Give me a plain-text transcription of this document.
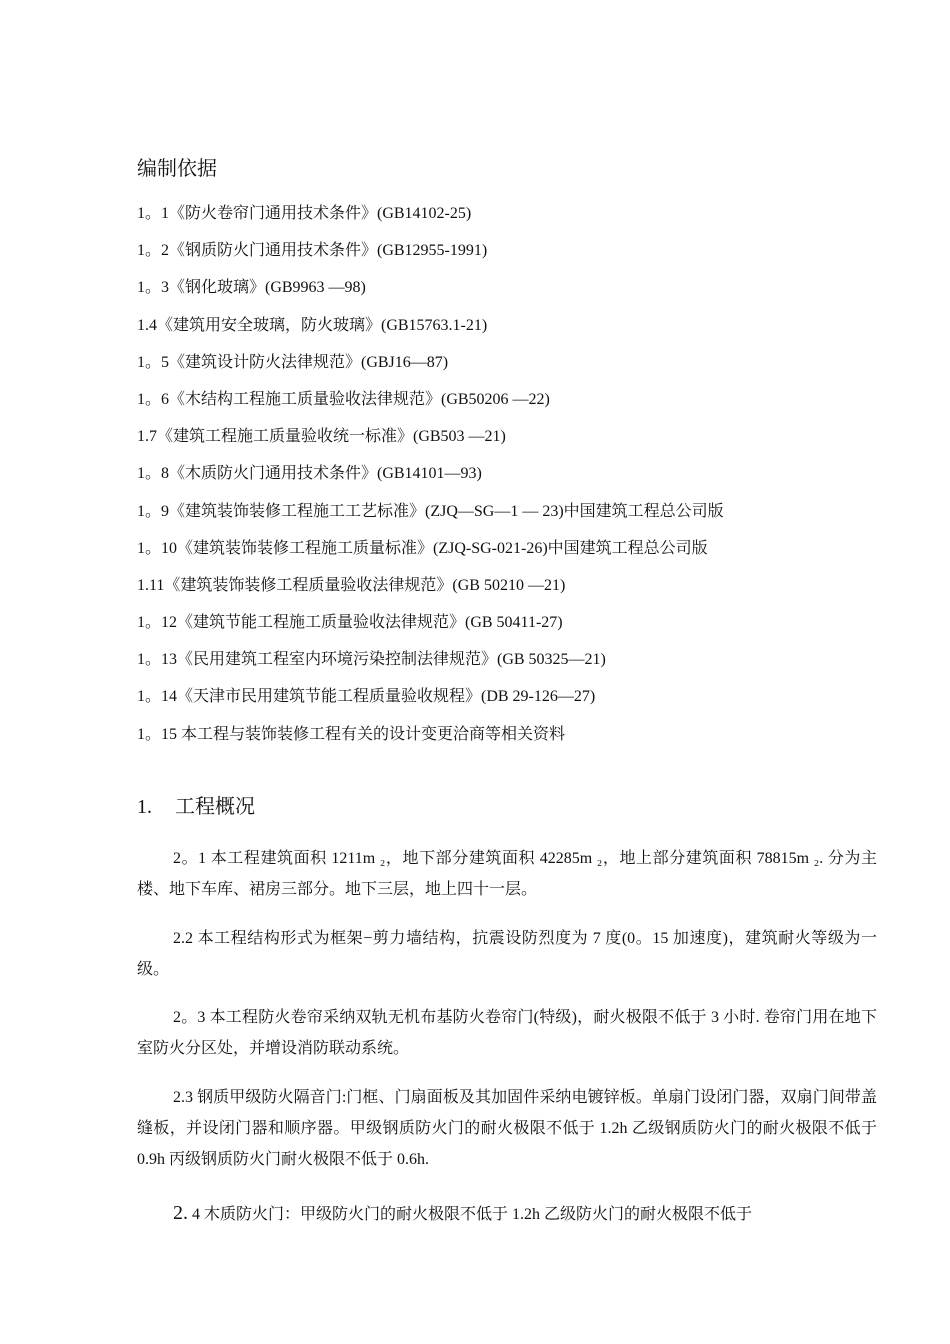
编制依据
1。1《防火卷帘门通用技术条件》(GB14102-25)
1。2《钢质防火门通用技术条件》(GB12955-1991)
1。3《钢化玻璃》(GB9963 —98)
1.4《建筑用安全玻璃，防火玻璃》(GB15763.1-21)
1。5《建筑设计防火法律规范》(GBJ16—87)
1。6《木结构工程施工质量验收法律规范》(GB50206 —22)
1.7《建筑工程施工质量验收统一标准》(GB503 —21)
1。8《木质防火门通用技术条件》(GB14101—93)
1。9《建筑装饰装修工程施工工艺标准》(ZJQ—SG—1 — 23)中国建筑工程总公司版
1。10《建筑装饰装修工程施工质量标准》(ZJQ-SG-021-26)中国建筑工程总公司版
1.11《建筑装饰装修工程质量验收法律规范》(GB 50210 —21)
1。12《建筑节能工程施工质量验收法律规范》(GB 50411-27)
1。13《民用建筑工程室内环境污染控制法律规范》(GB 50325—21)
1。14《天津市民用建筑节能工程质量验收规程》(DB 29-126—27)
1。15 本工程与装饰装修工程有关的设计变更洽商等相关资料
1. 工程概况

2。1 本工程建筑面积 1211m ₂，地下部分建筑面积 42285m ₂，地上部分建筑面积 78815m ₂. 分为主楼、地下车库、裙房三部分。地下三层，地上四十一层。

2.2 本工程结构形式为框架−剪力墙结构，抗震设防烈度为 7 度(0。15 加速度)，建筑耐火等级为一级。

2。3 本工程防火卷帘采纳双轨无机布基防火卷帘门(特级)，耐火极限不低于 3 小时. 卷帘门用在地下室防火分区处，并增设消防联动系统。

2.3 钢质甲级防火隔音门:门框、门扇面板及其加固件采纳电镀锌板。单扇门设闭门器，双扇门间带盖缝板，并设闭门器和顺序器。甲级钢质防火门的耐火极限不低于 1.2h 乙级钢质防火门的耐火极限不低于 0.9h 丙级钢质防火门耐火极限不低于 0.6h.

2. 4 木质防火门：甲级防火门的耐火极限不低于 1.2h 乙级防火门的耐火极限不低于
